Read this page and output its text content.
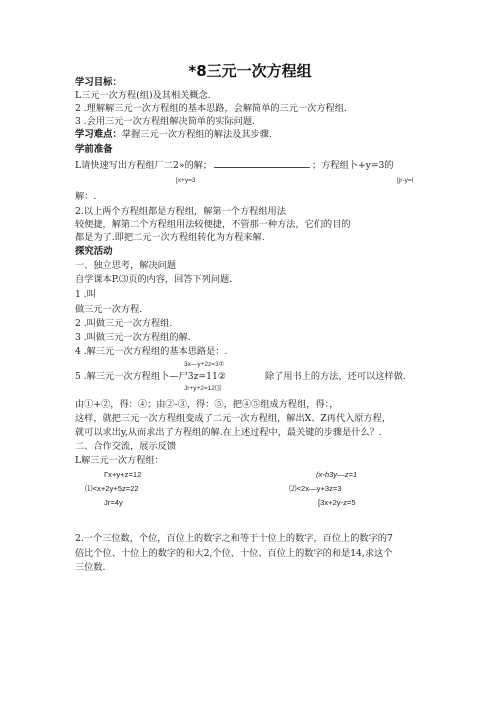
*8三元一次方程组
学习目标：
L三元一次方程(组)及其相关概念.
2 .理解解三元一次方程组的基本思路，会解简单的三元一次方程组.
3 .会用三元一次方程组解决简单的实际问题.
学习难点：掌握三元一次方程组的解法及其步骤.
学前准备
L请快速写出方程组厂二2»的解；	；方程组卜+y=3的
[x+y=3	[jr-y=l
解：.
2.以上两个方程组都是方程组，解第一个方程组用法
较便捷，解第二个方程组用法较便捷，不管那一种方法，它们的目的
都是为了.即把二元一次方程组转化为方程来解.
探究活动
一、独立思考，解决问题
自学课本P.⑶页的内容，回答下列问题.
1 .叫
做三元一次方程.
2 .叫做三元一次方程组.
3 .叫做三元一次方程组的解.
4 .解三元一次方程组的基本思路是：.
3x—y+2z=3①
5 .解三元一次方程组卜—尸3z=11②	除了用书上的方法，还可以这样做.
Jr+y+2=12⑶
由①+②，得：④；由②-③，得：⑤，把④⑤组成方程组，得：，
这样，就把三元一次方程组变成了二元一次方程组，解出X、Z再代入原方程，
就可以求出y,从而求出了方程组的解.在上述过程中，最关键的步骤是什么？.
二、合作交流，展示反馈
L解三元一次方程组：
Γx+y+z=12
⑴<x+2y+5z=22
Jr=4y
(x-h3y—z=1
⑵<2x—y+3z=3
[3x+2y-z=5
2.一个三位数，个位，百位上的数字之和等于十位上的数字，百位上的数字的7
倍比个位、十位上的数字的和大2,个位、十位、百位上的数字的和是14,求这个
三位数.
